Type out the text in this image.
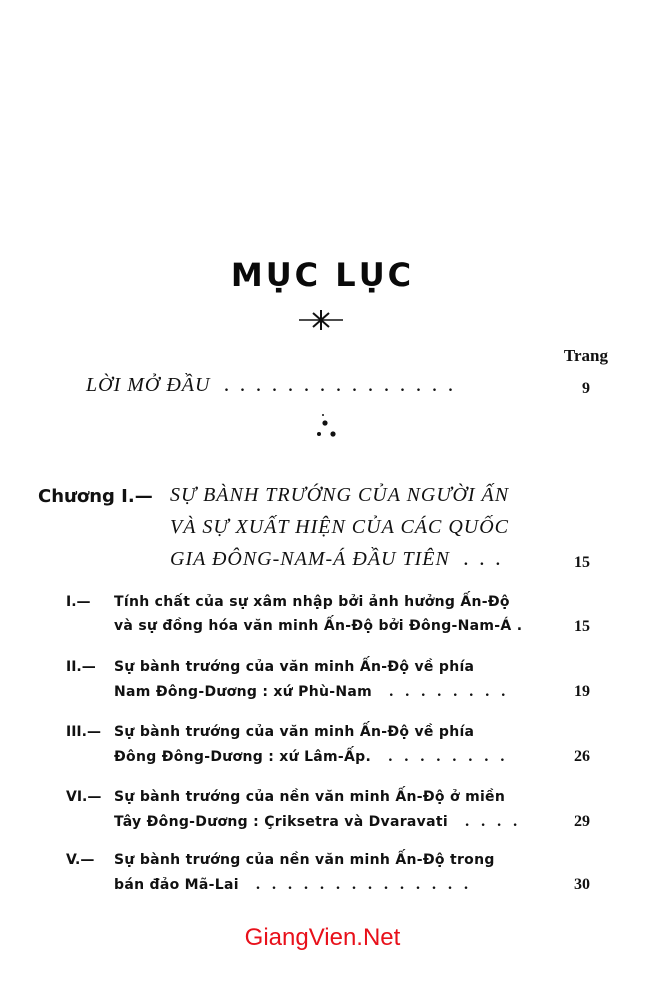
MỤC LỤC
Trang
LỜI MỞ ĐẦU ...............	9
Chương I.— SỰ BÀNH TRƯỚNG CỦA NGƯỜI ẤN
VÀ SỰ XUẤT HIỆN CỦA CÁC QUỐC
GIA ĐÔNG-NAM-Á ĐẦU TIÊN ...	15
I.— Tính chất của sự xâm nhập bởi ảnh hưởng Ấn-Độ
và sự đồng hóa văn minh Ấn-Độ bởi Đông-Nam-Á .	15
II.— Sự bành trướng của văn minh Ấn-Độ về phía
Nam Đông-Dương : xứ Phù-Nam ........	19
III.— Sự bành trướng của văn minh Ấn-Độ về phía
Đông Đông-Dương : xứ Lâm-Ấp. ........	26
VI.— Sự bành trướng của nền văn minh Ấn-Độ ở miền
Tây Đông-Dương : Çriksetra và Dvaravati ....	29
V.— Sự bành trướng của nền văn minh Ấn-Độ trong
bán đảo Mã-Lai ..............	30
GiangVien.Net
